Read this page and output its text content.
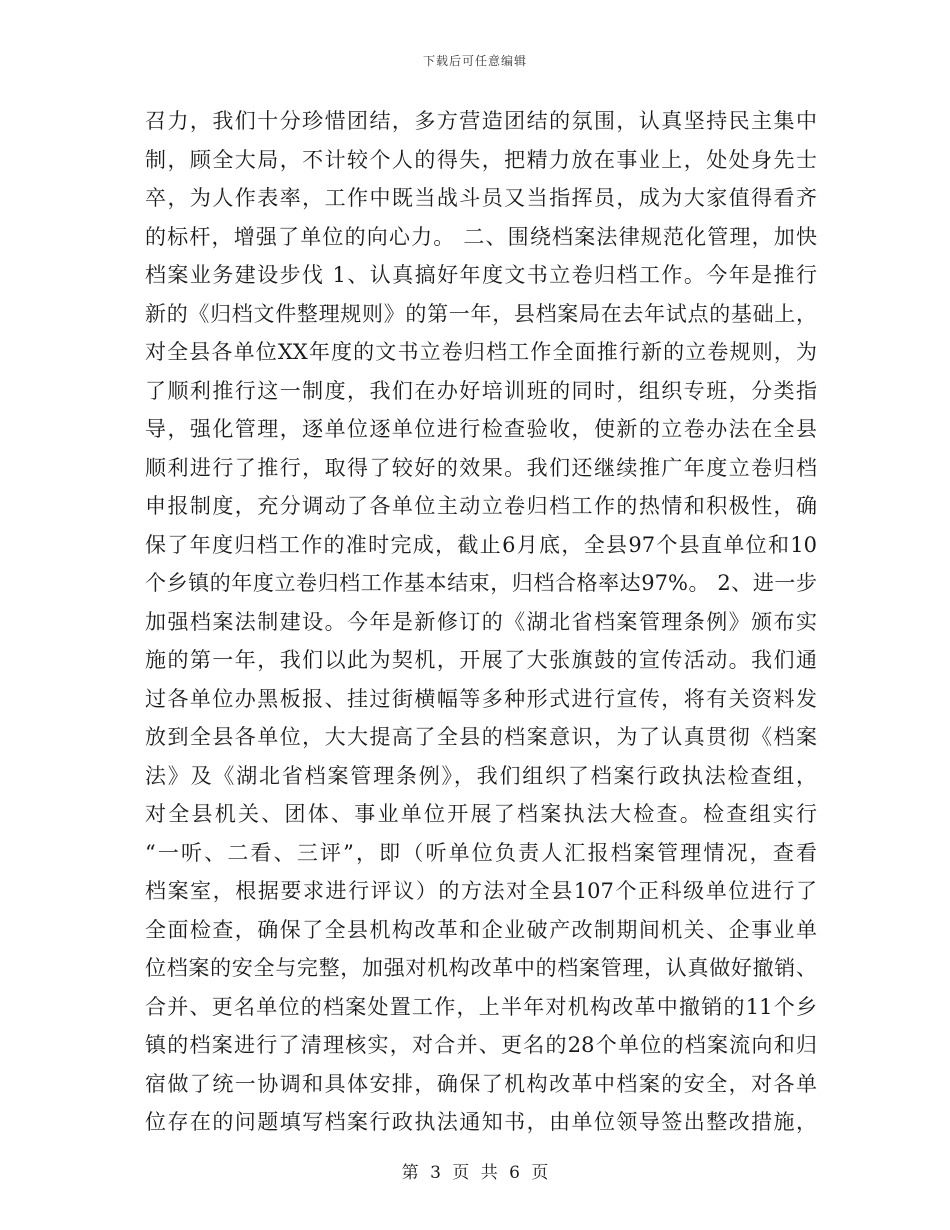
下载后可任意编辑
召力，我们十分珍惜团结，多方营造团结的氛围，认真坚持民主集中
制，顾全大局，不计较个人的得失，把精力放在事业上，处处身先士
卒，为人作表率，工作中既当战斗员又当指挥员，成为大家值得看齐
的标杆，增强了单位的向心力。 二、围绕档案法律规范化管理，加快
档案业务建设步伐 1、认真搞好年度文书立卷归档工作。今年是推行
新的《归档文件整理规则》的第一年，县档案局在去年试点的基础上，
对全县各单位XX年度的文书立卷归档工作全面推行新的立卷规则，为
了顺利推行这一制度，我们在办好培训班的同时，组织专班，分类指
导，强化管理，逐单位逐单位进行检查验收，使新的立卷办法在全县
顺利进行了推行，取得了较好的效果。我们还继续推广年度立卷归档
申报制度，充分调动了各单位主动立卷归档工作的热情和积极性，确
保了年度归档工作的准时完成，截止6月底，全县97个县直单位和10
个乡镇的年度立卷归档工作基本结束，归档合格率达97%。 2、进一步
加强档案法制建设。今年是新修订的《湖北省档案管理条例》颁布实
施的第一年，我们以此为契机，开展了大张旗鼓的宣传活动。我们通
过各单位办黑板报、挂过街横幅等多种形式进行宣传，将有关资料发
放到全县各单位，大大提高了全县的档案意识，为了认真贯彻《档案
法》及《湖北省档案管理条例》，我们组织了档案行政执法检查组，
对全县机关、团体、事业单位开展了档案执法大检查。检查组实行
“一听、二看、三评”，即（听单位负责人汇报档案管理情况，查看
档案室，根据要求进行评议）的方法对全县107个正科级单位进行了
全面检查，确保了全县机构改革和企业破产改制期间机关、企事业单
位档案的安全与完整，加强对机构改革中的档案管理，认真做好撤销、
合并、更名单位的档案处置工作，上半年对机构改革中撤销的11个乡
镇的档案进行了清理核实，对合并、更名的28个单位的档案流向和归
宿做了统一协调和具体安排，确保了机构改革中档案的安全，对各单
位存在的问题填写档案行政执法通知书，由单位领导签出整改措施，
第 3 页 共 6 页
